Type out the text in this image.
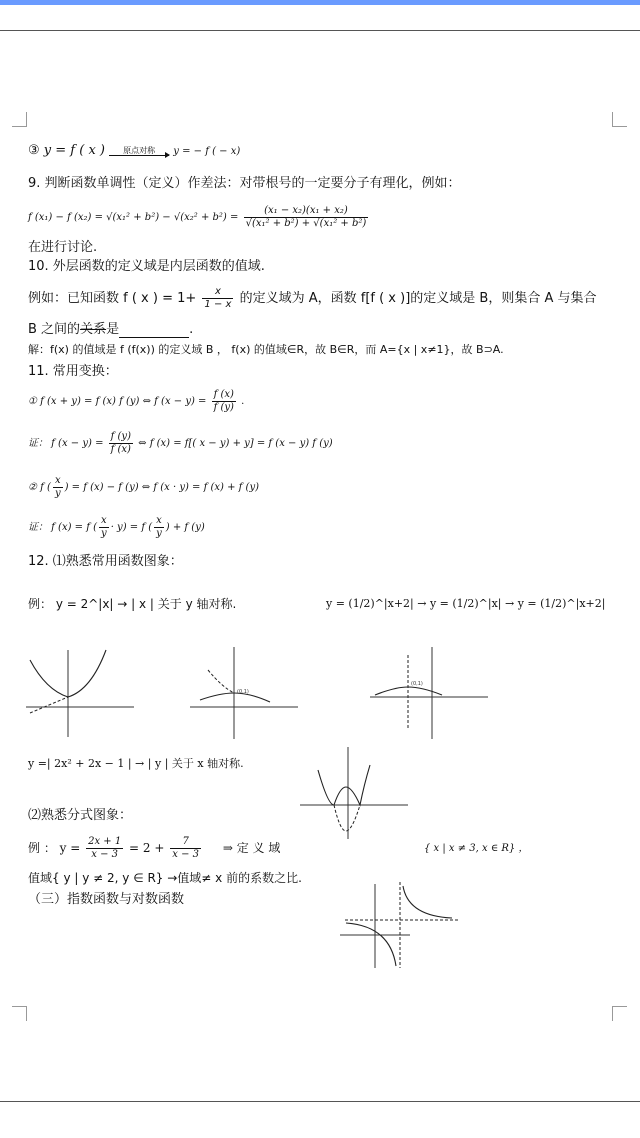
③ y = f ( x )	原点对称	y = − f ( − x)
9. 判断函数单调性（定义）作差法：对带根号的一定要分子有理化，例如：
f (x₁) − f $(x_2) = √(x_1^2 + b^2) - √(x_2^2 + b^2) = \frac{\text{(x₁ − x₂)(x₁ + x₂)}}{\text{√(x₁² + b²) + √(x₁² + b²)}}$
在进行讨论.
10. 外层函数的定义域是内层函数的值域.
例如：已知函数 f ( x ) = $1+ \frac{x}{1 - x}$ 的定义域为 A，函数 f[f ( x )]的定义域是 B，则集合 A 与集合
B 之间的关系是	.
解：f(x) 的值域是 f (f(x)) 的定义域 B ， f(x) 的值域∈R，故 B∈R，而 A={x | x≠1}，故 B⊃A.
11. 常用变换：
① f (x + y) = f (x) f (y) ⇔ f $(x - y) = \frac{f (x)}{f (y)}$ .
证： f $(x - y) = \frac{f (y)}{f (x)}$ ⇔ f (x) = f[( x − y) + y] = f (x − y) f (y)
② f ( $\frac{x}{y}$ ) = f (x) − f (y) ⇔ f (x · y) = f (x) + f (y)
证： f (x) = f ( $\frac{x}{y} \cdot y) = f$ ( $\frac{x}{y}$ ) + f (y)
12. ⑴熟悉常用函数图象：
例： y = 2^|x| → | x | 关于 y 轴对称.	y = (1/2)^|x+2| → y = (1/2)^|x| → y = (1/2)^|x+2|
(0,1)
(0,1)
y =| 2x² + 2x − 1 | → | y | 关于 x 轴对称.
⑵熟悉分式图象：
例 ： $y = \frac{2x + 1}{x - 3} = 2 + \frac{7}{x - 3}$ ⇒ 定 义 域	{ x | x ≠ 3, x ∈ R} ，
值域{ y | y ≠ 2, y ∈ R} →值域≠ x 前的系数之比.
（三）指数函数与对数函数
